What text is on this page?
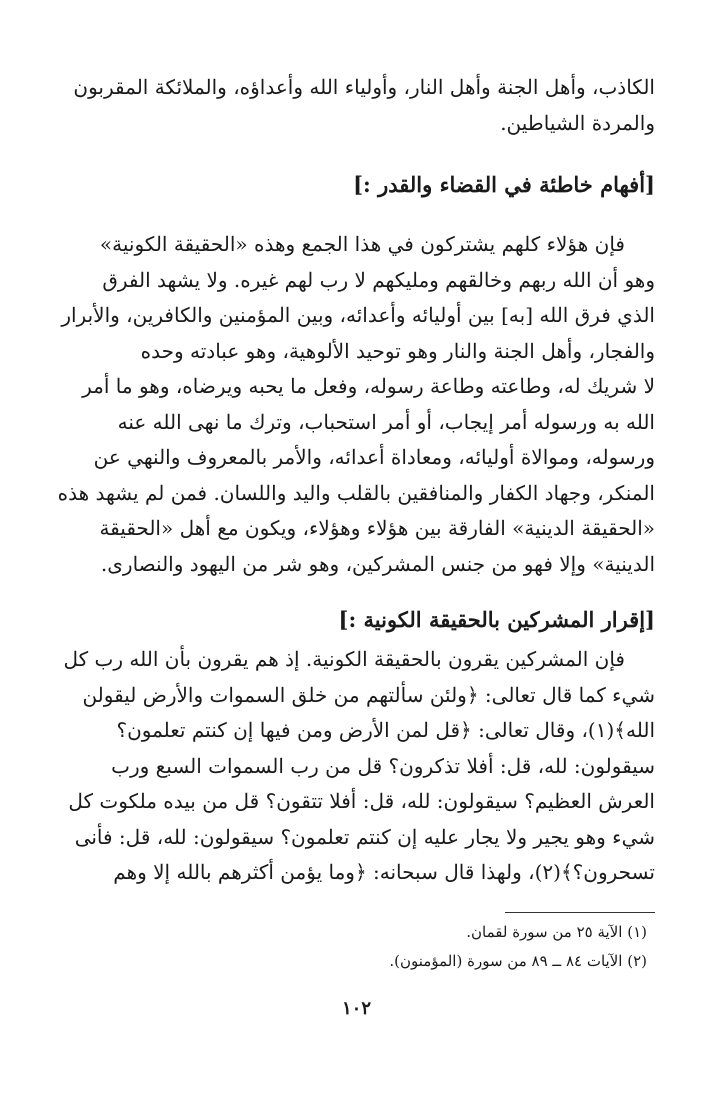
الكاذب، وأهل الجنة وأهل النار، وأولياء الله وأعداؤه، والملائكة المقربون
والمردة الشياطين.
[أفهام خاطئة في القضاء والقدر :]
فإن هؤلاء كلهم يشتركون في هذا الجمع وهذه «الحقيقة الكونية»
وهو أن الله ربهم وخالقهم ومليكهم لا رب لهم غيره. ولا يشهد الفرق
الذي فرق الله [به] بين أوليائه وأعدائه، وبين المؤمنين والكافرين، والأبرار
والفجار، وأهل الجنة والنار وهو توحيد الألوهية، وهو عبادته وحده
لا شريك له، وطاعته وطاعة رسوله، وفعل ما يحبه ويرضاه، وهو ما أمر
الله به ورسوله أمر إيجاب، أو أمر استحباب، وترك ما نهى الله عنه
ورسوله، وموالاة أوليائه، ومعاداة أعدائه، والأمر بالمعروف والنهي عن
المنكر، وجهاد الكفار والمنافقين بالقلب واليد واللسان. فمن لم يشهد هذه
«الحقيقة الدينية» الفارقة بين هؤلاء وهؤلاء، ويكون مع أهل «الحقيقة
الدينية» وإلا فهو من جنس المشركين، وهو شر من اليهود والنصارى.
[إقرار المشركين بالحقيقة الكونية :]
فإن المشركين يقرون بالحقيقة الكونية. إذ هم يقرون بأن الله رب كل
شيء كما قال تعالى: ﴿ولئن سألتهم من خلق السموات والأرض ليقولن
الله﴾(١)، وقال تعالى: ﴿قل لمن الأرض ومن فيها إن كنتم تعلمون؟
سيقولون: لله، قل: أفلا تذكرون؟ قل من رب السموات السبع ورب
العرش العظيم؟ سيقولون: لله، قل: أفلا تتقون؟ قل من بيده ملكوت كل
شيء وهو يجير ولا يجار عليه إن كنتم تعلمون؟ سيقولون: لله، قل: فأنى
تسحرون؟﴾(٢)، ولهذا قال سبحانه: ﴿وما يؤمن أكثرهم بالله إلا وهم
(١) الآية ٢٥ من سورة لقمان.
(٢) الآيات ٨٤ ــ ٨٩ من سورة (المؤمنون).
١٠٢
